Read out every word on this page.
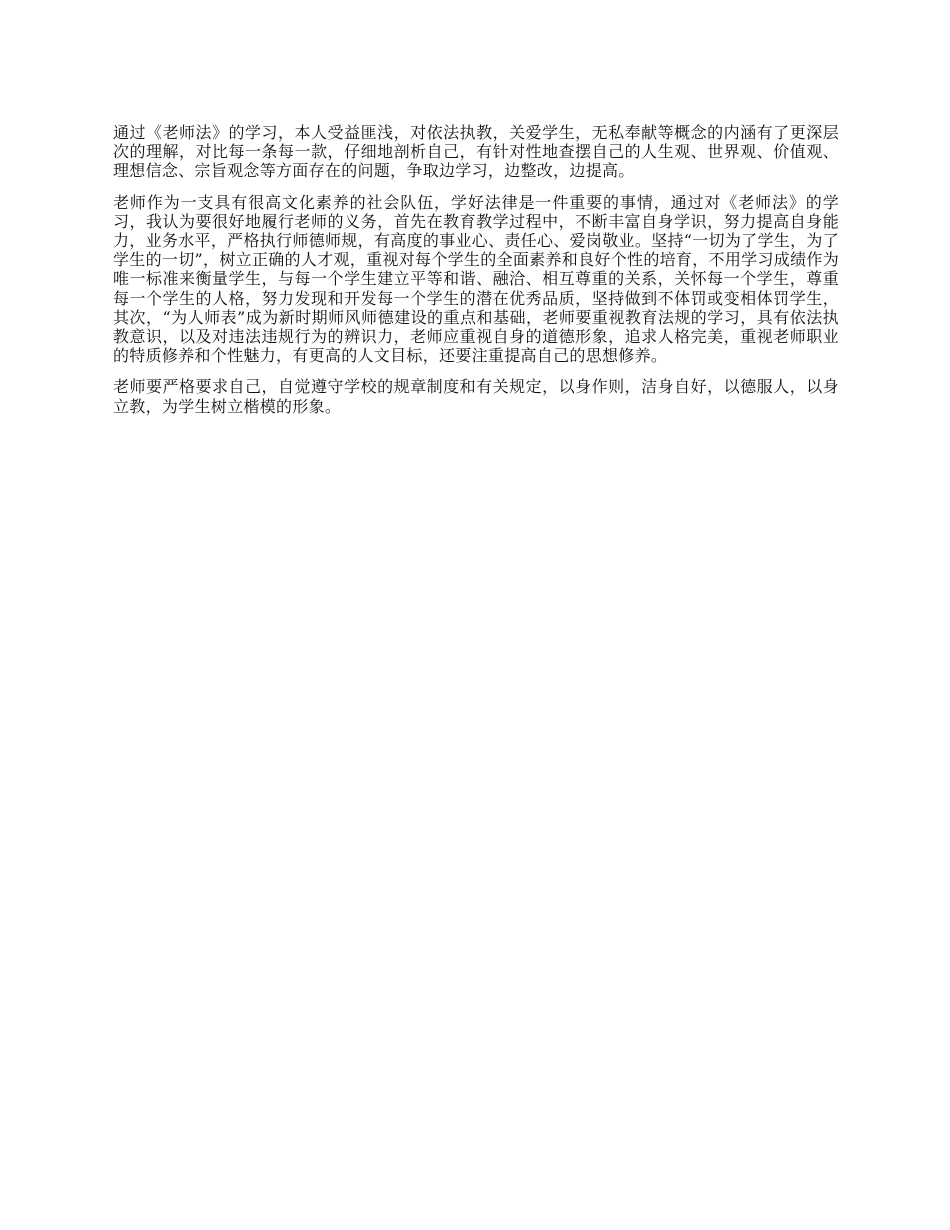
通过《老师法》的学习，本人受益匪浅，对依法执教，关爱学生，无私奉献等概念的内涵有了更深层次的理解，对比每一条每一款，仔细地剖析自己，有针对性地查摆自己的人生观、世界观、价值观、理想信念、宗旨观念等方面存在的问题，争取边学习，边整改，边提高。

老师作为一支具有很高文化素养的社会队伍，学好法律是一件重要的事情，通过对《老师法》的学习，我认为要很好地履行老师的义务，首先在教育教学过程中，不断丰富自身学识，努力提高自身能力，业务水平，严格执行师德师规，有高度的事业心、责任心、爱岗敬业。坚持“一切为了学生，为了学生的一切”，树立正确的人才观，重视对每个学生的全面素养和良好个性的培育，不用学习成绩作为唯一标准来衡量学生，与每一个学生建立平等和谐、融洽、相互尊重的关系，关怀每一个学生，尊重每一个学生的人格，努力发现和开发每一个学生的潜在优秀品质，坚持做到不体罚或变相体罚学生，其次，“为人师表”成为新时期师风师德建设的重点和基础，老师要重视教育法规的学习，具有依法执教意识，以及对违法违规行为的辨识力，老师应重视自身的道德形象，追求人格完美，重视老师职业的特质修养和个性魅力，有更高的人文目标，还要注重提高自己的思想修养。

老师要严格要求自己，自觉遵守学校的规章制度和有关规定，以身作则，洁身自好，以德服人，以身立教，为学生树立楷模的形象。
